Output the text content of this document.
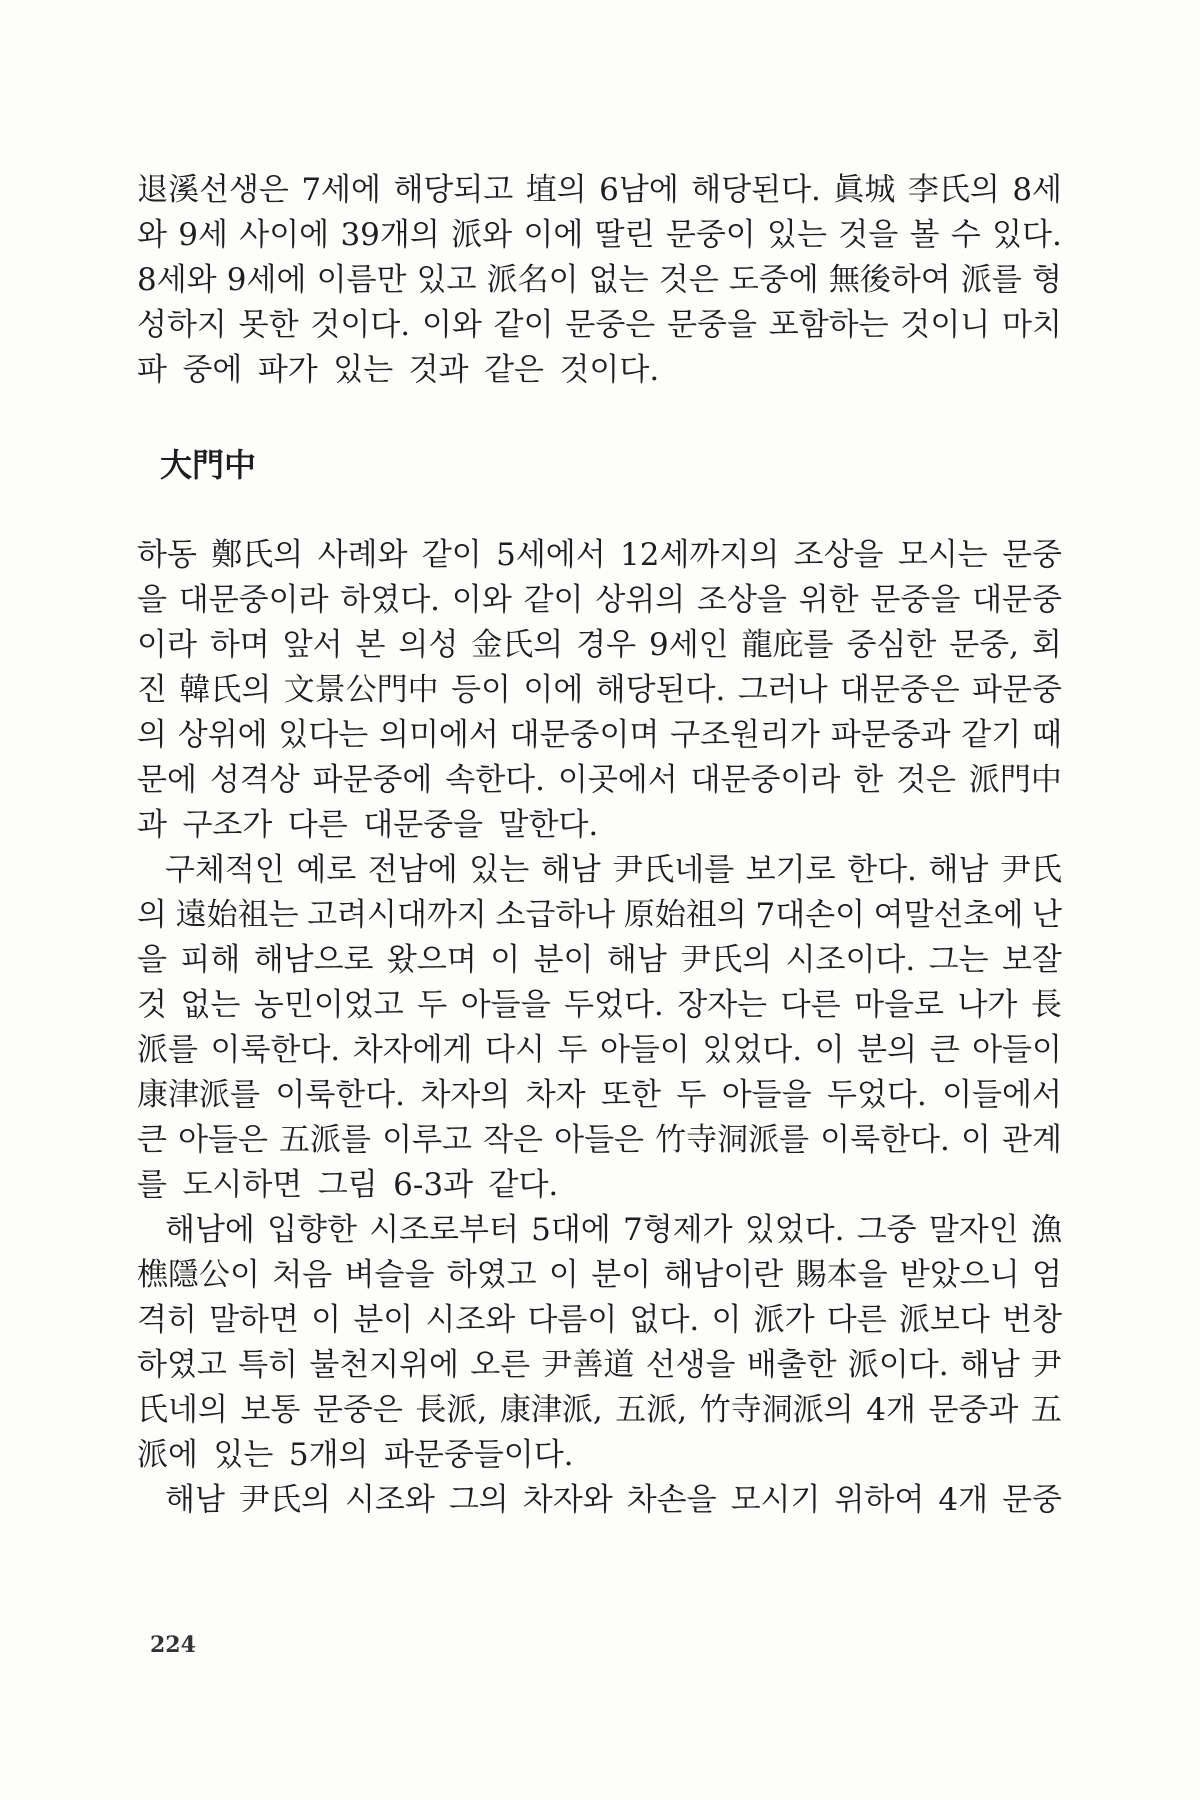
退溪선생은 7세에 해당되고 埴의 6남에 해당된다. 眞城 李氏의 8세
와 9세 사이에 39개의 派와 이에 딸린 문중이 있는 것을 볼 수 있다.
8세와 9세에 이름만 있고 派名이 없는 것은 도중에 無後하여 派를 형
성하지 못한 것이다. 이와 같이 문중은 문중을 포함하는 것이니 마치
파 중에 파가 있는 것과 같은 것이다.
大門中
하동 鄭氏의 사례와 같이 5세에서 12세까지의 조상을 모시는 문중
을 대문중이라 하였다. 이와 같이 상위의 조상을 위한 문중을 대문중
이라 하며 앞서 본 의성 金氏의 경우 9세인 龍庇를 중심한 문중, 회
진 韓氏의 文景公門中 등이 이에 해당된다. 그러나 대문중은 파문중
의 상위에 있다는 의미에서 대문중이며 구조원리가 파문중과 같기 때
문에 성격상 파문중에 속한다. 이곳에서 대문중이라 한 것은 派門中
과 구조가 다른 대문중을 말한다.
구체적인 예로 전남에 있는 해남 尹氏네를 보기로 한다. 해남 尹氏
의 遠始祖는 고려시대까지 소급하나 原始祖의 7대손이 여말선초에 난
을 피해 해남으로 왔으며 이 분이 해남 尹氏의 시조이다. 그는 보잘
것 없는 농민이었고 두 아들을 두었다. 장자는 다른 마을로 나가 長
派를 이룩한다. 차자에게 다시 두 아들이 있었다. 이 분의 큰 아들이
康津派를 이룩한다. 차자의 차자 또한 두 아들을 두었다. 이들에서
큰 아들은 五派를 이루고 작은 아들은 竹寺洞派를 이룩한다. 이 관계
를 도시하면 그림 6-3과 같다.
해남에 입향한 시조로부터 5대에 7형제가 있었다. 그중 말자인 漁
樵隱公이 처음 벼슬을 하였고 이 분이 해남이란 賜本을 받았으니 엄
격히 말하면 이 분이 시조와 다름이 없다. 이 派가 다른 派보다 번창
하였고 특히 불천지위에 오른 尹善道 선생을 배출한 派이다. 해남 尹
氏네의 보통 문중은 長派, 康津派, 五派, 竹寺洞派의 4개 문중과 五
派에 있는 5개의 파문중들이다.
해남 尹氏의 시조와 그의 차자와 차손을 모시기 위하여 4개 문중
224
